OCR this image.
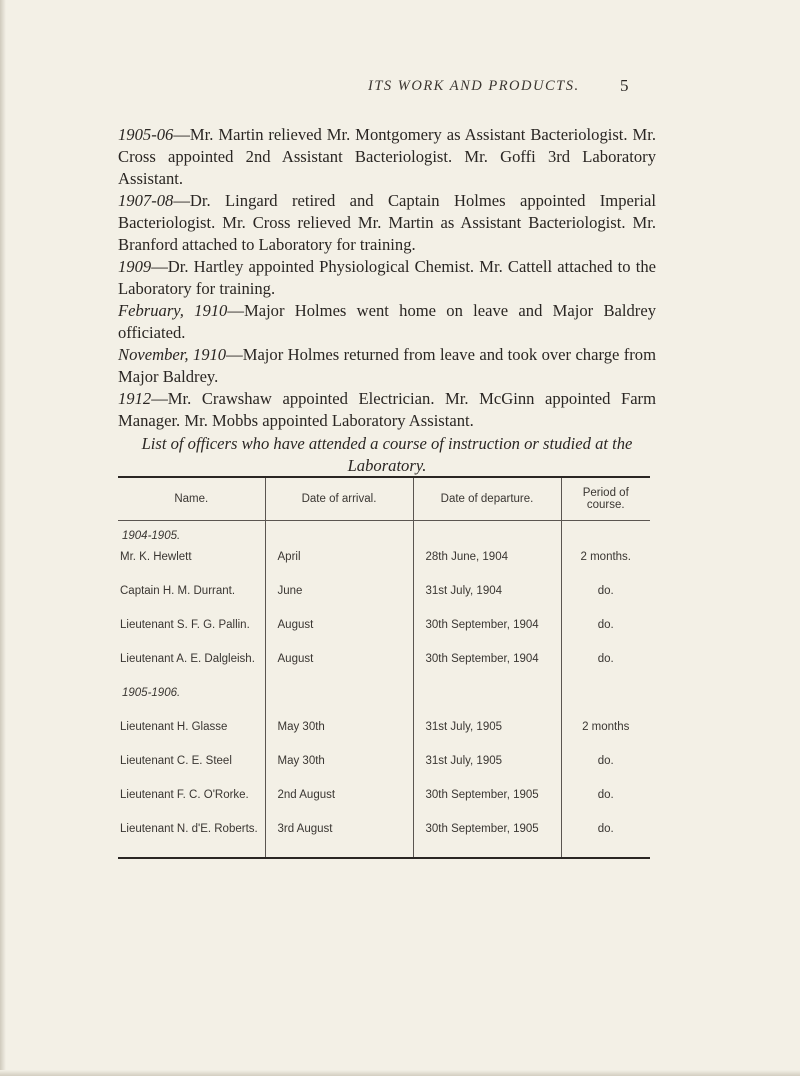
ITS WORK AND PRODUCTS. 5

1905-06—Mr. Martin relieved Mr. Montgomery as Assistant Bacteriologist. Mr. Cross appointed 2nd Assistant Bacteriologist. Mr. Goffi 3rd Laboratory Assistant.

1907-08—Dr. Lingard retired and Captain Holmes appointed Imperial Bacteriologist. Mr. Cross relieved Mr. Martin as Assistant Bacteriologist. Mr. Branford attached to Laboratory for training.

1909—Dr. Hartley appointed Physiological Chemist. Mr. Cattell attached to the Laboratory for training.

February, 1910—Major Holmes went home on leave and Major Baldrey officiated.

November, 1910—Major Holmes returned from leave and took over charge from Major Baldrey.

1912—Mr. Crawshaw appointed Electrician. Mr. McGinn appointed Farm Manager. Mr. Mobbs appointed Laboratory Assistant.

List of officers who have attended a course of instruction or studied at the Laboratory.
Name.	Date of arrival.	Date of departure.	Period of course.
1904-1905.			
Mr. K. Hewlett	April	28th June, 1904	2 months.
Captain H. M. Durrant.	June	31st July, 1904	do.
Lieutenant S. F. G. Pallin.	August	30th September, 1904	do.
Lieutenant A. E. Dalgleish.	August	30th September, 1904	do.
1905-1906.			
Lieutenant H. Glasse	May 30th	31st July, 1905	2 months
Lieutenant C. E. Steel	May 30th	31st July, 1905	do.
Lieutenant F. C. O'Rorke.	2nd August	30th September, 1905	do.
Lieutenant N. d'E. Roberts.	3rd August	30th September, 1905	do.
